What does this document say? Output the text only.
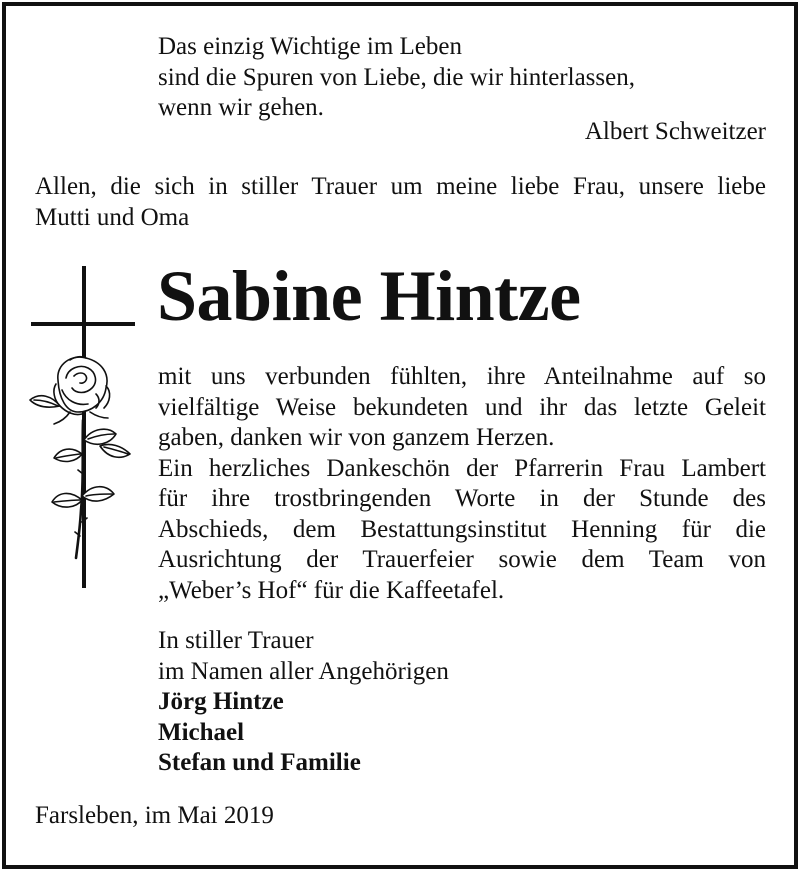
Das einzig Wichtige im Leben
sind die Spuren von Liebe, die wir hinterlassen,
wenn wir gehen.
Albert Schweitzer
Allen, die sich in stiller Trauer um meine liebe Frau, unsere liebe
Mutti und Oma
Sabine Hintze
mit uns verbunden fühlten, ihre Anteilnahme auf so
vielfältige Weise bekundeten und ihr das letzte Geleit
gaben, danken wir von ganzem Herzen.
Ein herzliches Dankeschön der Pfarrerin Frau Lambert
für ihre trostbringenden Worte in der Stunde des
Abschieds, dem Bestattungsinstitut Henning für die
Ausrichtung der Trauerfeier sowie dem Team von
„Weber’s Hof“ für die Kaffeetafel.
In stiller Trauer
im Namen aller Angehörigen
Jörg Hintze
Michael
Stefan und Familie
Farsleben, im Mai 2019
